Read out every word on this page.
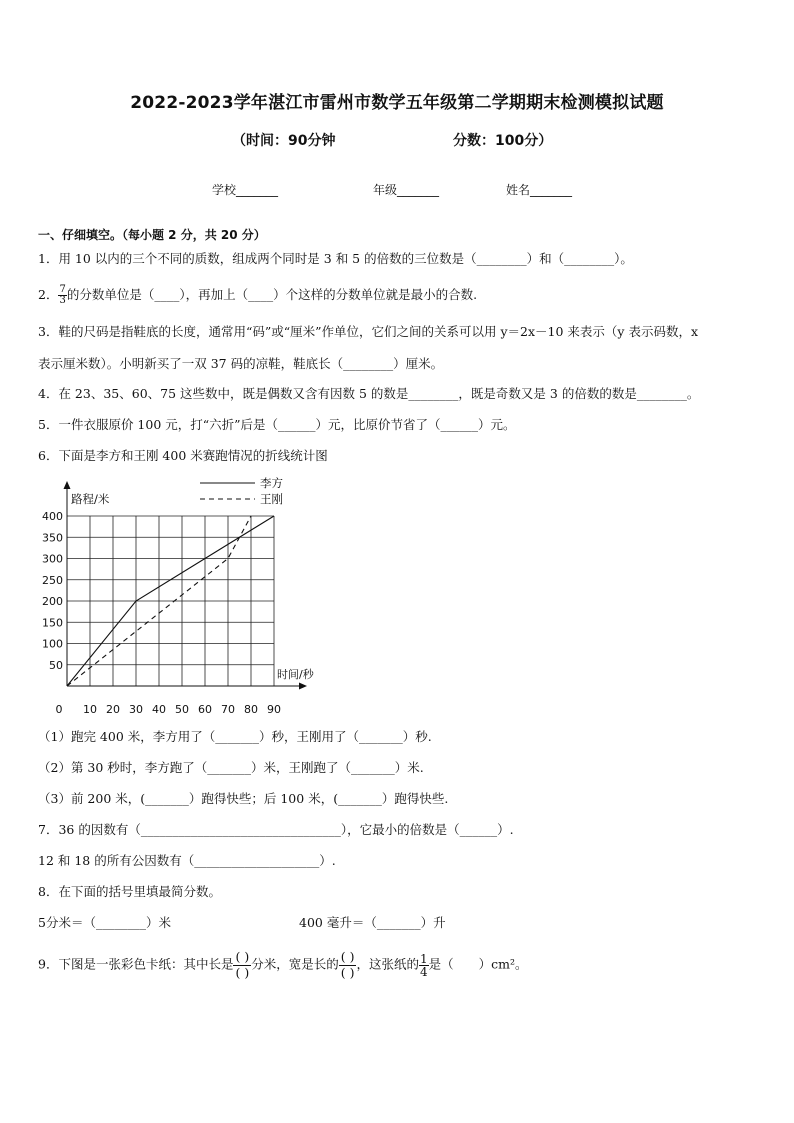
2022-2023学年湛江市雷州市数学五年级第二学期期末检测模拟试题
（时间：90分钟	分数：100分）
学校_______	年级_______	姓名_______
一、仔细填空。（每小题 2 分，共 20 分）
1．用 10 以内的三个不同的质数，组成两个同时是 3 和 5 的倍数的三位数是（________）和（________）。
2． $\frac{7}{3}$ 的分数单位是（____），再加上（____）个这样的分数单位就是最小的合数.
3．鞋的尺码是指鞋底的长度，通常用“码”或“厘米”作单位，它们之间的关系可以用 y＝2x－10 来表示（y 表示码数，x
表示厘米数）。小明新买了一双 37 码的凉鞋，鞋底长（________）厘米。
4．在 23、35、60、75 这些数中，既是偶数又含有因数 5 的数是________，既是奇数又是 3 的倍数的数是________。
5．一件衣服原价 100 元，打“六折”后是（______）元，比原价节省了（______）元。
6．下面是李方和王刚 400 米赛跑情况的折线统计图
路程/米
时间/秒
0 10 20 30 40 50 60 70 80 90
50
100
150
200
250
300
350
400
李方
王刚
（1）跑完 400 米，李方用了（_______）秒，王刚用了（_______）秒.
（2）第 30 秒时，李方跑了（_______）米，王刚跑了（_______）米.
（3）前 200 米，(_______）跑得快些；后 100 米，(_______）跑得快些.
7．36 的因数有（________________________________），它最小的倍数是（______）.
12 和 18 的所有公因数有（____________________）.
8．在下面的括号里填最简分数。
5分米＝（________）米	400 毫升＝（_______）升
9．下图是一张彩色卡纸：其中长是 $\frac{( )}{( )}$ 分米，宽是长的 $\frac{( )}{( )}$ ，这张纸的 $\frac{1}{4}$ 是（　　）cm²。
